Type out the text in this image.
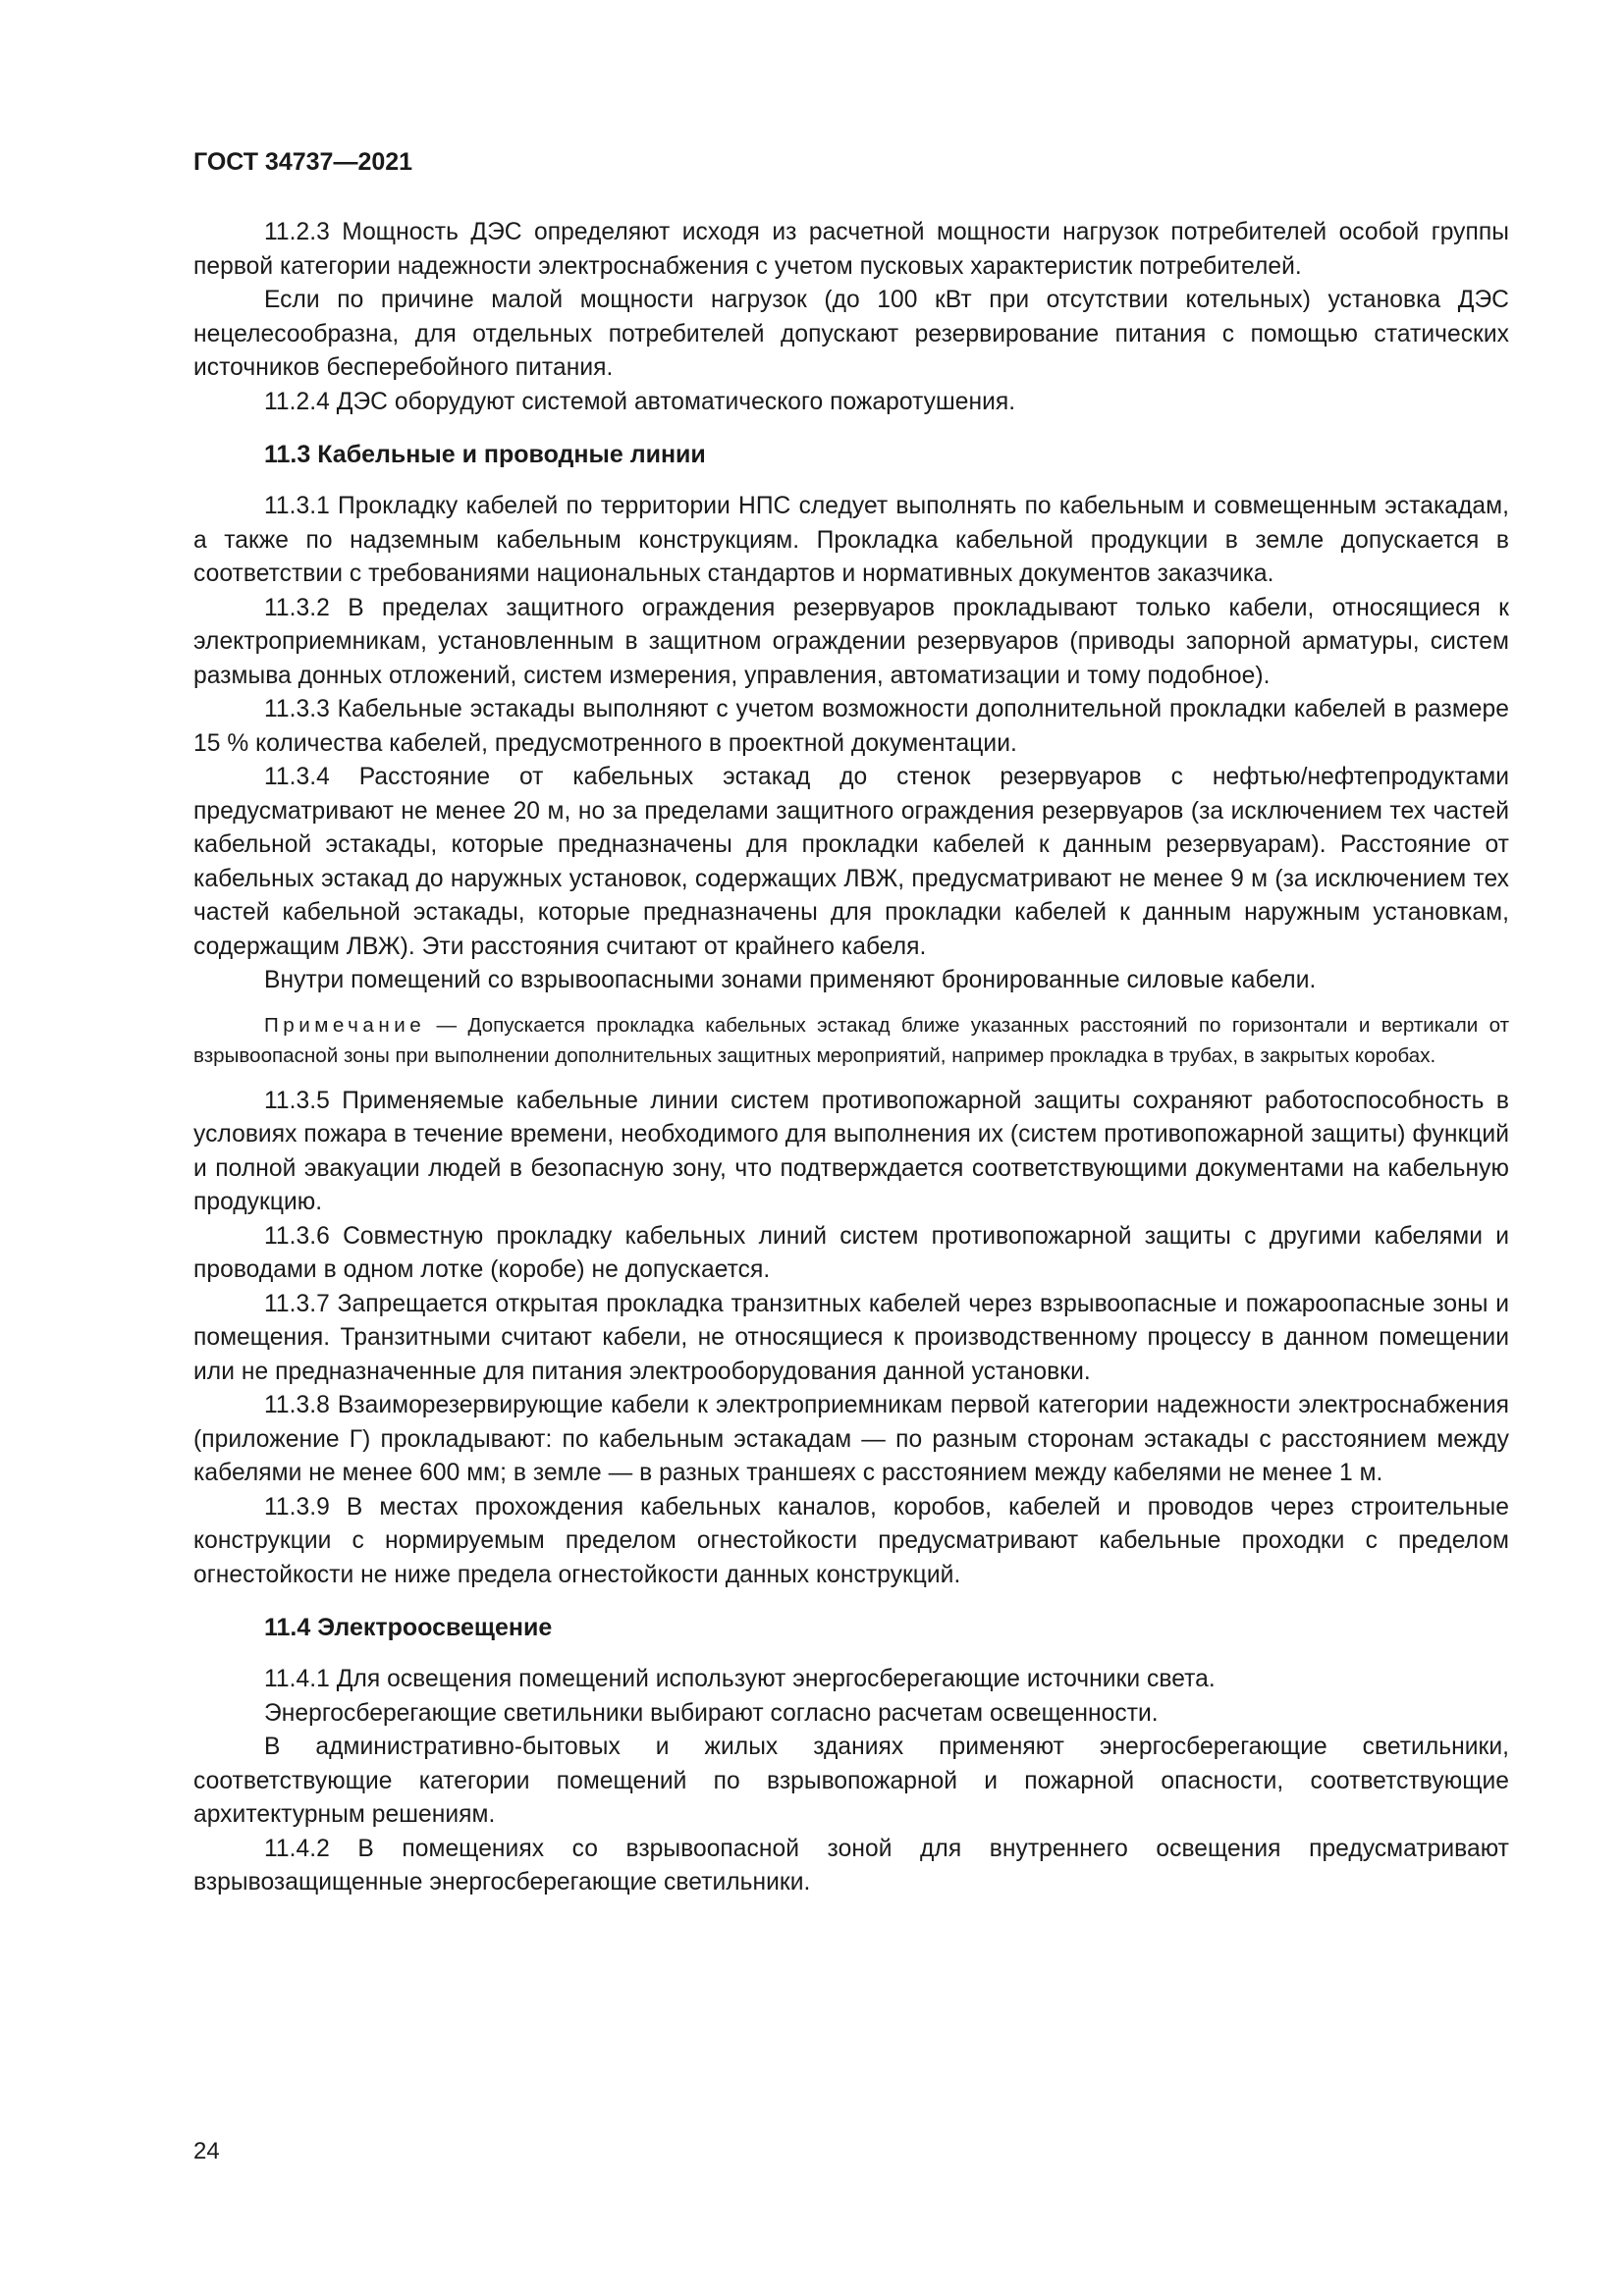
ГОСТ 34737—2021

11.2.3 Мощность ДЭС определяют исходя из расчетной мощности нагрузок потребителей особой группы первой категории надежности электроснабжения с учетом пусковых характеристик потребителей.

Если по причине малой мощности нагрузок (до 100 кВт при отсутствии котельных) установка ДЭС нецелесообразна, для отдельных потребителей допускают резервирование питания с помощью статических источников бесперебойного питания.

11.2.4 ДЭС оборудуют системой автоматического пожаротушения.

11.3 Кабельные и проводные линии

11.3.1 Прокладку кабелей по территории НПС следует выполнять по кабельным и совмещенным эстакадам, а также по надземным кабельным конструкциям. Прокладка кабельной продукции в земле допускается в соответствии с требованиями национальных стандартов и нормативных документов заказчика.

11.3.2 В пределах защитного ограждения резервуаров прокладывают только кабели, относящиеся к электроприемникам, установленным в защитном ограждении резервуаров (приводы запорной арматуры, систем размыва донных отложений, систем измерения, управления, автоматизации и тому подобное).

11.3.3 Кабельные эстакады выполняют с учетом возможности дополнительной прокладки кабелей в размере 15 % количества кабелей, предусмотренного в проектной документации.

11.3.4 Расстояние от кабельных эстакад до стенок резервуаров с нефтью/нефтепродуктами предусматривают не менее 20 м, но за пределами защитного ограждения резервуаров (за исключением тех частей кабельной эстакады, которые предназначены для прокладки кабелей к данным резервуарам). Расстояние от кабельных эстакад до наружных установок, содержащих ЛВЖ, предусматривают не менее 9 м (за исключением тех частей кабельной эстакады, которые предназначены для прокладки кабелей к данным наружным установкам, содержащим ЛВЖ). Эти расстояния считают от крайнего кабеля.

Внутри помещений со взрывоопасными зонами применяют бронированные силовые кабели.

Примечание — Допускается прокладка кабельных эстакад ближе указанных расстояний по горизонтали и вертикали от взрывоопасной зоны при выполнении дополнительных защитных мероприятий, например прокладка в трубах, в закрытых коробах.

11.3.5 Применяемые кабельные линии систем противопожарной защиты сохраняют работоспособность в условиях пожара в течение времени, необходимого для выполнения их (систем противопожарной защиты) функций и полной эвакуации людей в безопасную зону, что подтверждается соответствующими документами на кабельную продукцию.

11.3.6 Совместную прокладку кабельных линий систем противопожарной защиты с другими кабелями и проводами в одном лотке (коробе) не допускается.

11.3.7 Запрещается открытая прокладка транзитных кабелей через взрывоопасные и пожароопасные зоны и помещения. Транзитными считают кабели, не относящиеся к производственному процессу в данном помещении или не предназначенные для питания электрооборудования данной установки.

11.3.8 Взаиморезервирующие кабели к электроприемникам первой категории надежности электроснабжения (приложение Г) прокладывают: по кабельным эстакадам — по разным сторонам эстакады с расстоянием между кабелями не менее 600 мм; в земле — в разных траншеях с расстоянием между кабелями не менее 1 м.

11.3.9 В местах прохождения кабельных каналов, коробов, кабелей и проводов через строительные конструкции с нормируемым пределом огнестойкости предусматривают кабельные проходки с пределом огнестойкости не ниже предела огнестойкости данных конструкций.

11.4 Электроосвещение

11.4.1 Для освещения помещений используют энергосберегающие источники света.

Энергосберегающие светильники выбирают согласно расчетам освещенности.

В административно-бытовых и жилых зданиях применяют энергосберегающие светильники, соответствующие категории помещений по взрывопожарной и пожарной опасности, соответствующие архитектурным решениям.

11.4.2 В помещениях со взрывоопасной зоной для внутреннего освещения предусматривают взрывозащищенные энергосберегающие светильники.

24
